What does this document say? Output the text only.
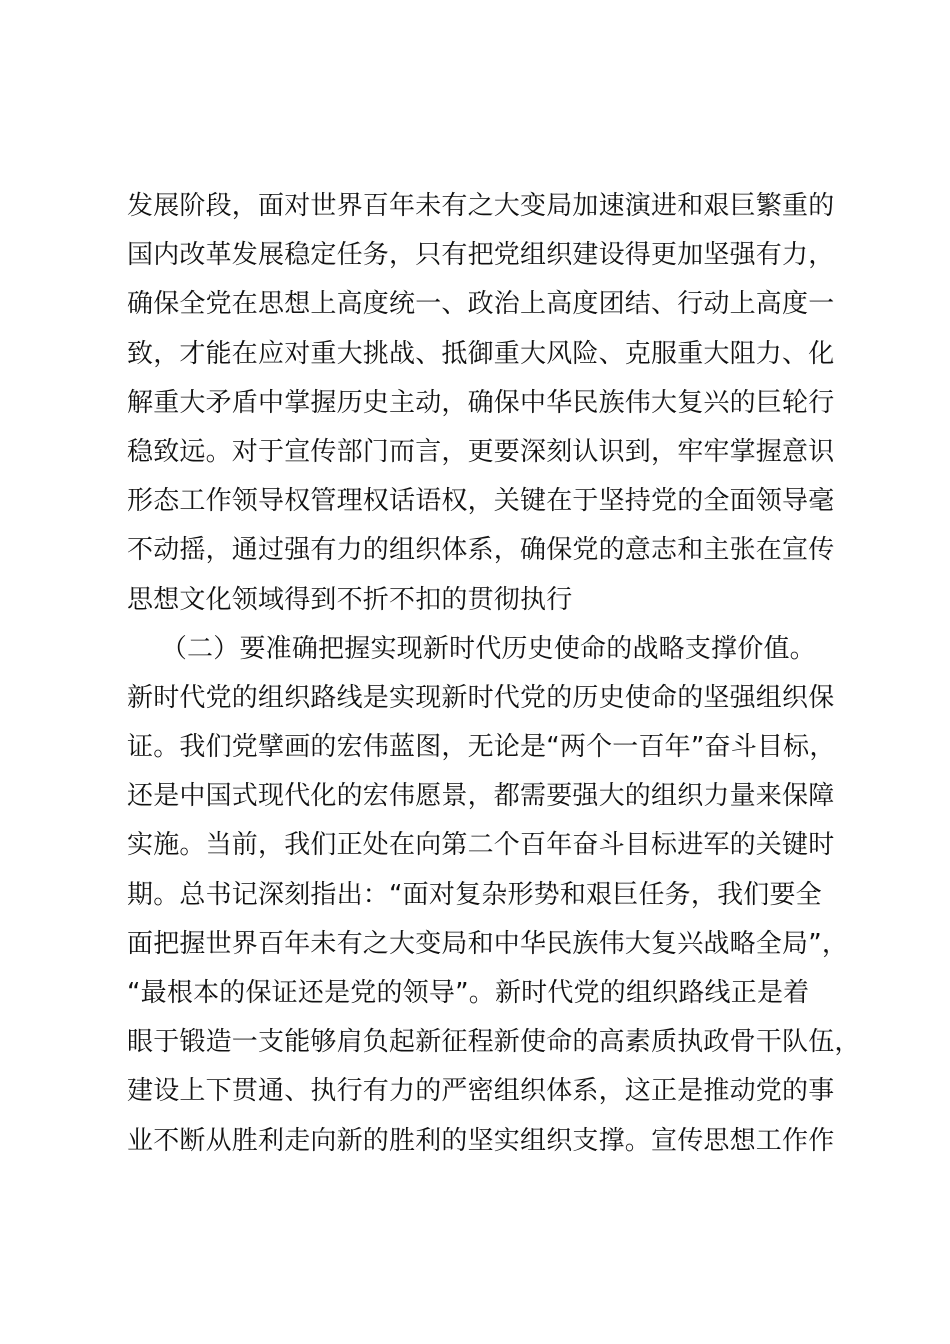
发展阶段，面对世界百年未有之大变局加速演进和艰巨繁重的
国内改革发展稳定任务，只有把党组织建设得更加坚强有力，
确保全党在思想上高度统一、政治上高度团结、行动上高度一
致，才能在应对重大挑战、抵御重大风险、克服重大阻力、化
解重大矛盾中掌握历史主动，确保中华民族伟大复兴的巨轮行
稳致远。对于宣传部门而言，更要深刻认识到，牢牢掌握意识
形态工作领导权管理权话语权，关键在于坚持党的全面领导毫
不动摇，通过强有力的组织体系，确保党的意志和主张在宣传
思想文化领域得到不折不扣的贯彻执行
（二）要准确把握实现新时代历史使命的战略支撑价值。
新时代党的组织路线是实现新时代党的历史使命的坚强组织保
证。我们党擘画的宏伟蓝图，无论是“两个一百年”奋斗目标，
还是中国式现代化的宏伟愿景，都需要强大的组织力量来保障
实施。当前，我们正处在向第二个百年奋斗目标进军的关键时
期。总书记深刻指出：“面对复杂形势和艰巨任务，我们要全
面把握世界百年未有之大变局和中华民族伟大复兴战略全局”，
“最根本的保证还是党的领导”。新时代党的组织路线正是着
眼于锻造一支能够肩负起新征程新使命的高素质执政骨干队伍，
建设上下贯通、执行有力的严密组织体系，这正是推动党的事
业不断从胜利走向新的胜利的坚实组织支撑。宣传思想工作作
